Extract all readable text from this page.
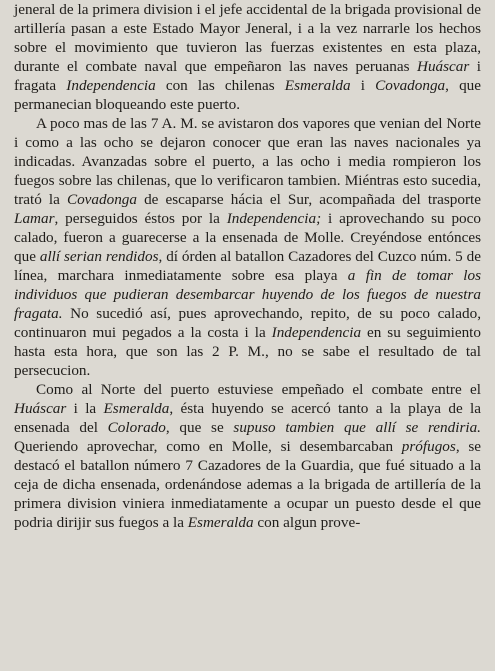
jeneral de la primera division i el jefe accidental de la brigada provisional de artillería pasan a este Estado Mayor Jeneral, i a la vez narrarle los hechos sobre el movimiento que tuvieron las fuerzas existentes en esta plaza, durante el combate naval que empeñaron las naves peruanas Huáscar i fragata Independencia con las chilenas Esmeralda i Covadonga, que permanecian bloqueando este puerto.

A poco mas de las 7 A. M. se avistaron dos vapores que venian del Norte i como a las ocho se dejaron conocer que eran las naves nacionales ya indicadas. Avanzadas sobre el puerto, a las ocho i media rompieron los fuegos sobre las chilenas, que lo verificaron tambien. Miéntras esto sucedia, trató la Covadonga de escaparse hácia el Sur, acompañada del trasporte Lamar, perseguidos éstos por la Independencia; i aprovechando su poco calado, fueron a guarecerse a la ensenada de Molle. Creyéndose entónces que allí serian rendidos, dí órden al batallon Cazadores del Cuzco núm. 5 de línea, marchara inmediatamente sobre esa playa a fin de tomar los individuos que pudieran desembarcar huyendo de los fuegos de nuestra fragata. No sucedió así, pues aprovechando, repito, de su poco calado, continuaron mui pegados a la costa i la Independencia en su seguimiento hasta esta hora, que son las 2 P. M., no se sabe el resultado de tal persecucion.

Como al Norte del puerto estuviese empeñado el combate entre el Huáscar i la Esmeralda, ésta huyendo se acercó tanto a la playa de la ensenada del Colorado, que se supuso tambien que allí se rendiria. Queriendo aprovechar, como en Molle, si desembarcaban prófugos, se destacó el batallon número 7 Cazadores de la Guardia, que fué situado a la ceja de dicha ensenada, ordenándose ademas a la brigada de artillería de la primera division viniera inmediatamente a ocupar un puesto desde el que podria dirijir sus fuegos a la Esmeralda con algun prove-
